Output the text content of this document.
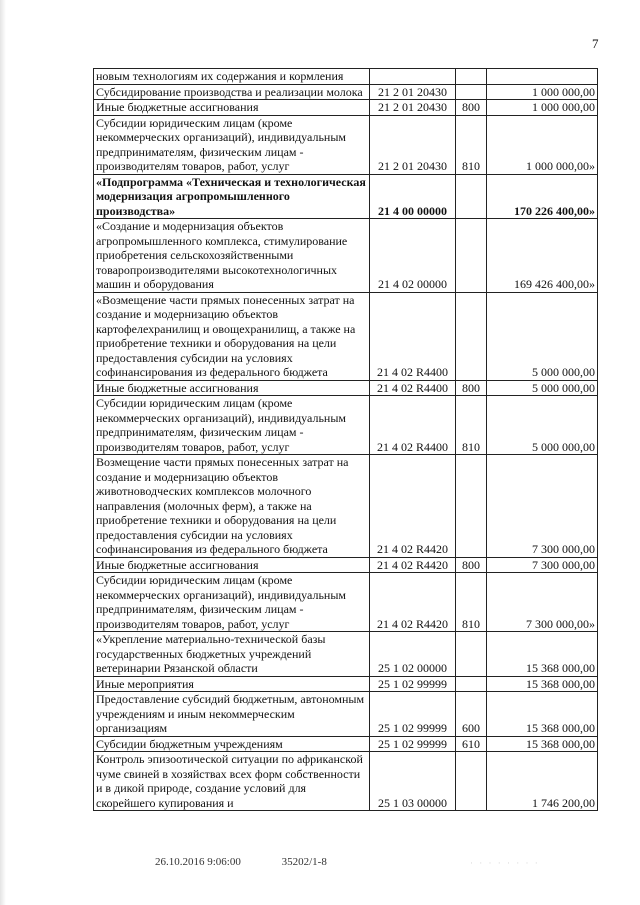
7
новым технологиям их содержания и кормления			
Субсидирование производства и реализации молока	21 2 01 20430		1 000 000,00
Иные бюджетные ассигнования	21 2 01 20430	800	1 000 000,00
Субсидии юридическим лицам (кроме некоммерческих организаций), индивидуальным предпринимателям, физическим лицам - производителям товаров, работ, услуг	21 2 01 20430	810	1 000 000,00»
«Подпрограмма «Техническая и технологическая модернизация агропромышленного производства»	21 4 00 00000		170 226 400,00»
«Создание и модернизация объектов агропромышленного комплекса, стимулирование приобретения сельскохозяйственными товаропроизводителями высокотехнологичных машин и оборудования	21 4 02 00000		169 426 400,00»
«Возмещение части прямых понесенных затрат на создание и модернизацию объектов картофелехранилищ и овощехранилищ, а также на приобретение техники и оборудования на цели предоставления субсидии на условиях софинансирования из федерального бюджета	21 4 02 R4400		5 000 000,00
Иные бюджетные ассигнования	21 4 02 R4400	800	5 000 000,00
Субсидии юридическим лицам (кроме некоммерческих организаций), индивидуальным предпринимателям, физическим лицам - производителям товаров, работ, услуг	21 4 02 R4400	810	5 000 000,00
Возмещение части прямых понесенных затрат на создание и модернизацию объектов животноводческих комплексов молочного направления (молочных ферм), а также на приобретение техники и оборудования на цели предоставления субсидии на условиях софинансирования из федерального бюджета	21 4 02 R4420		7 300 000,00
Иные бюджетные ассигнования	21 4 02 R4420	800	7 300 000,00
Субсидии юридическим лицам (кроме некоммерческих организаций), индивидуальным предпринимателям, физическим лицам - производителям товаров, работ, услуг	21 4 02 R4420	810	7 300 000,00»
«Укрепление материально-технической базы государственных бюджетных учреждений ветеринарии Рязанской области	25 1 02 00000		15 368 000,00
Иные мероприятия	25 1 02 99999		15 368 000,00
Предоставление субсидий бюджетным, автономным учреждениям и иным некоммерческим организациям	25 1 02 99999	600	15 368 000,00
Субсидии бюджетным учреждениям	25 1 02 99999	610	15 368 000,00
Контроль эпизоотической ситуации по африканской чуме свиней в хозяйствах всех форм собственности и в дикой природе, создание условий для скорейшего купирования и	25 1 03 00000		1 746 200,00
26.10.2016 9:06:00	35202/1-8	· · · · · · · ·
